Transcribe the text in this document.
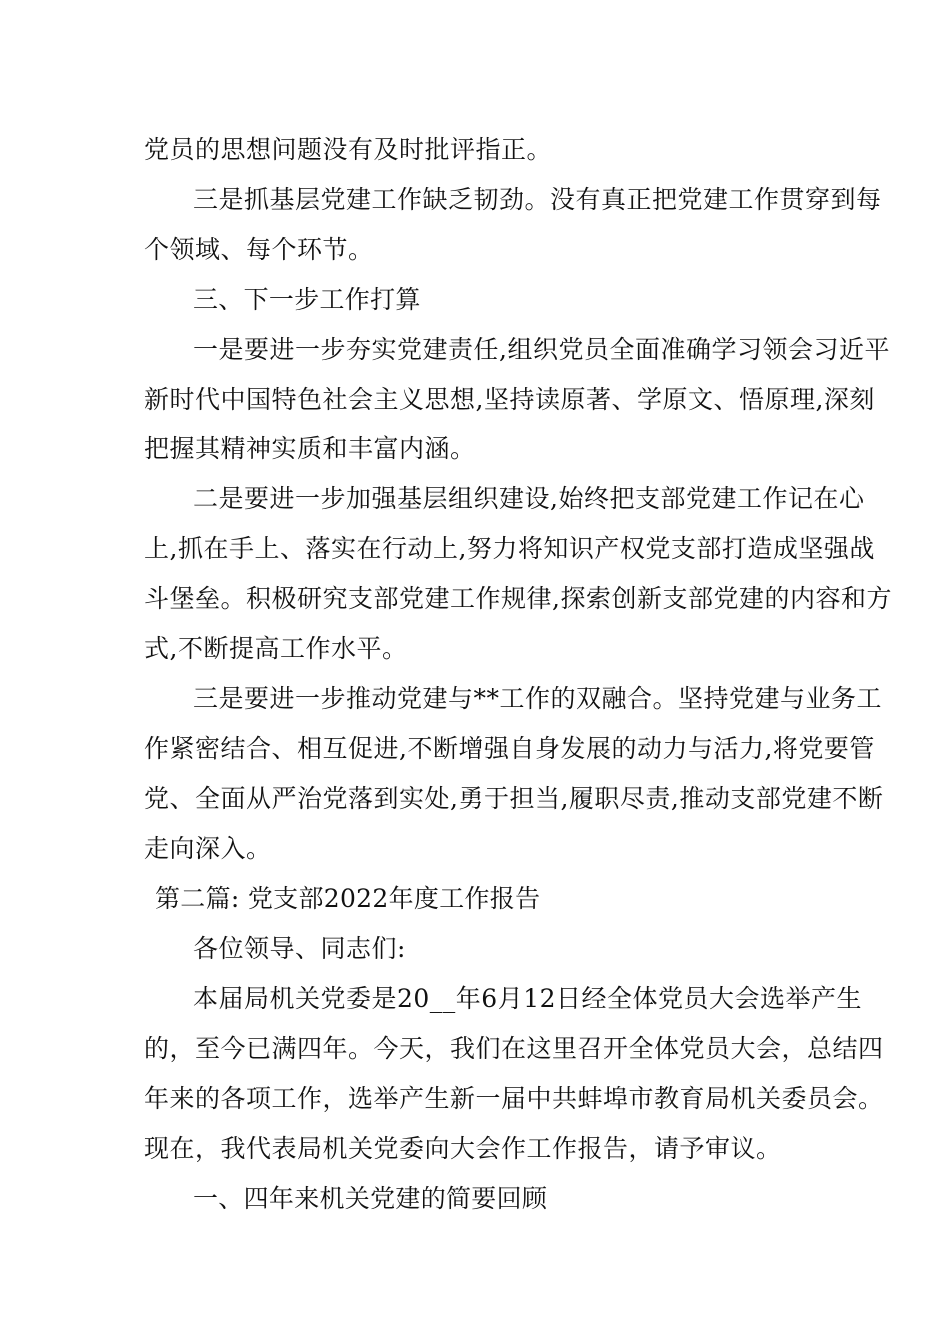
党员的思想问题没有及时批评指正。
三是抓基层党建工作缺乏韧劲。没有真正把党建工作贯穿到每
个领域、每个环节。
三、下一步工作打算
一是要进一步夯实党建责任,组织党员全面准确学习领会习近平
新时代中国特色社会主义思想,坚持读原著、学原文、悟原理,深刻
把握其精神实质和丰富内涵。
二是要进一步加强基层组织建设,始终把支部党建工作记在心
上,抓在手上、落实在行动上,努力将知识产权党支部打造成坚强战
斗堡垒。积极研究支部党建工作规律,探索创新支部党建的内容和方
式,不断提高工作水平。
三是要进一步推动党建与**工作的双融合。坚持党建与业务工
作紧密结合、相互促进,不断增强自身发展的动力与活力,将党要管
党、全面从严治党落到实处,勇于担当,履职尽责,推动支部党建不断
走向深入。
第二篇: 党支部2022年度工作报告
各位领导、同志们:
本届局机关党委是20__年6月12日经全体党员大会选举产生
的，至今已满四年。今天，我们在这里召开全体党员大会，总结四
年来的各项工作，选举产生新一届中共蚌埠市教育局机关委员会。
现在，我代表局机关党委向大会作工作报告，请予审议。
一、四年来机关党建的简要回顾
